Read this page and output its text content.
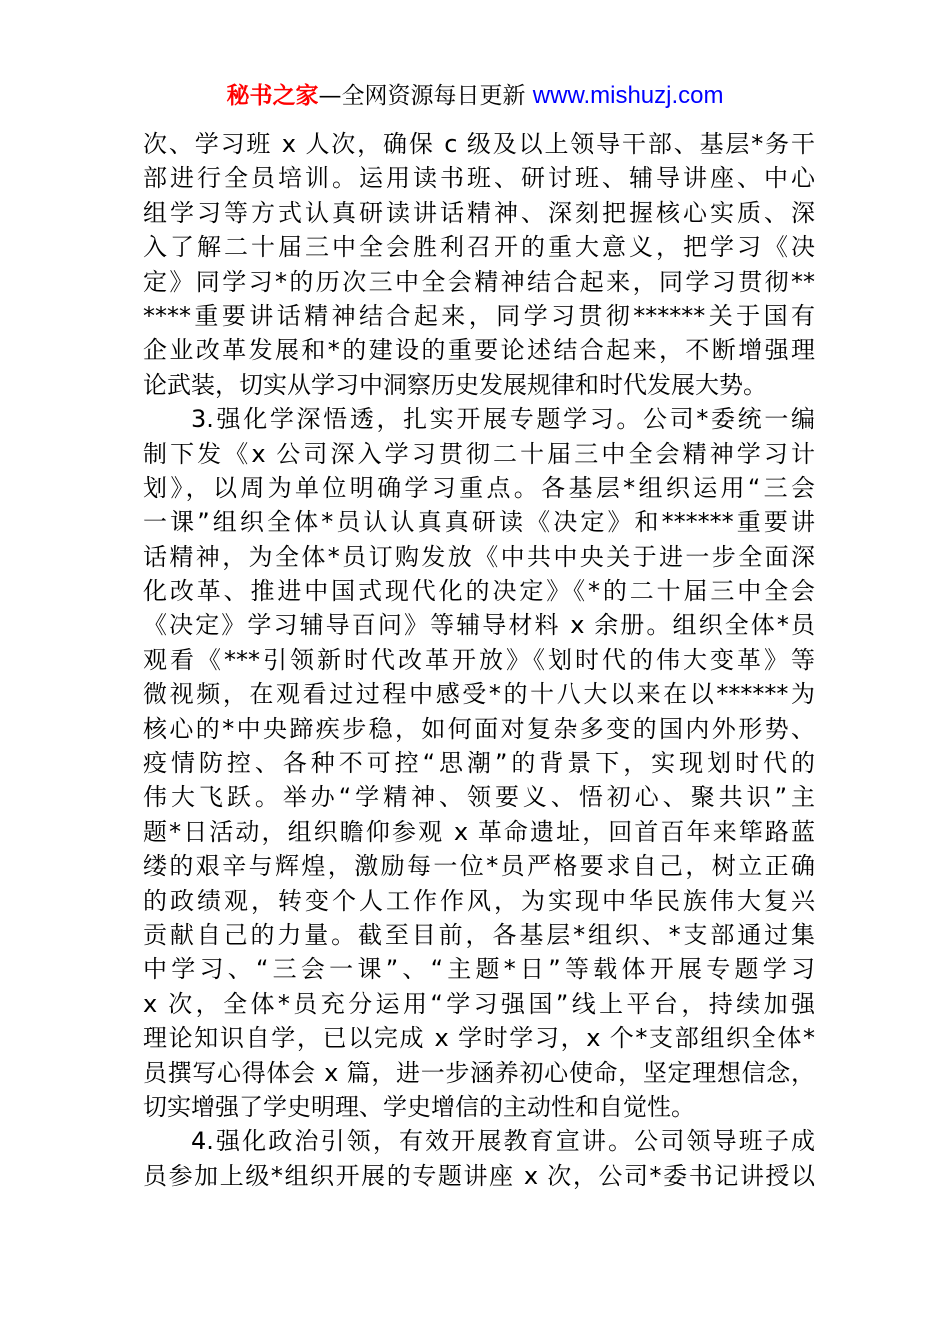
秘书之家—全网资源每日更新 www.mishuzj.com
次、学习班 x 人次，确保 c 级及以上领导干部、基层*务干
部进行全员培训。运用读书班、研讨班、辅导讲座、中心
组学习等方式认真研读讲话精神、深刻把握核心实质、深
入了解二十届三中全会胜利召开的重大意义，把学习《决
定》同学习*的历次三中全会精神结合起来，同学习贯彻**
****重要讲话精神结合起来，同学习贯彻******关于国有
企业改革发展和*的建设的重要论述结合起来，不断增强理
论武装，切实从学习中洞察历史发展规律和时代发展大势。
3.强化学深悟透，扎实开展专题学习。公司*委统一编
制下发《x 公司深入学习贯彻二十届三中全会精神学习计
划》，以周为单位明确学习重点。各基层*组织运用“三会
一课”组织全体*员认认真真研读《决定》和******重要讲
话精神，为全体*员订购发放《中共中央关于进一步全面深
化改革、推进中国式现代化的决定》《*的二十届三中全会
《决定》学习辅导百问》等辅导材料 x 余册。组织全体*员
观看《***引领新时代改革开放》《划时代的伟大变革》等
微视频，在观看过过程中感受*的十八大以来在以******为
核心的*中央蹄疾步稳，如何面对复杂多变的国内外形势、
疫情防控、各种不可控“思潮”的背景下，实现划时代的
伟大飞跃。举办“学精神、领要义、悟初心、聚共识”主
题*日活动，组织瞻仰参观 x 革命遗址，回首百年来筚路蓝
缕的艰辛与辉煌，激励每一位*员严格要求自己，树立正确
的政绩观，转变个人工作作风，为实现中华民族伟大复兴
贡献自己的力量。截至目前，各基层*组织、*支部通过集
中学习、“三会一课”、“主题*日”等载体开展专题学习
x 次，全体*员充分运用“学习强国”线上平台，持续加强
理论知识自学，已以完成 x 学时学习，x 个*支部组织全体*
员撰写心得体会 x 篇，进一步涵养初心使命，坚定理想信念，
切实增强了学史明理、学史增信的主动性和自觉性。
4.强化政治引领，有效开展教育宣讲。公司领导班子成
员参加上级*组织开展的专题讲座 x 次，公司*委书记讲授以
